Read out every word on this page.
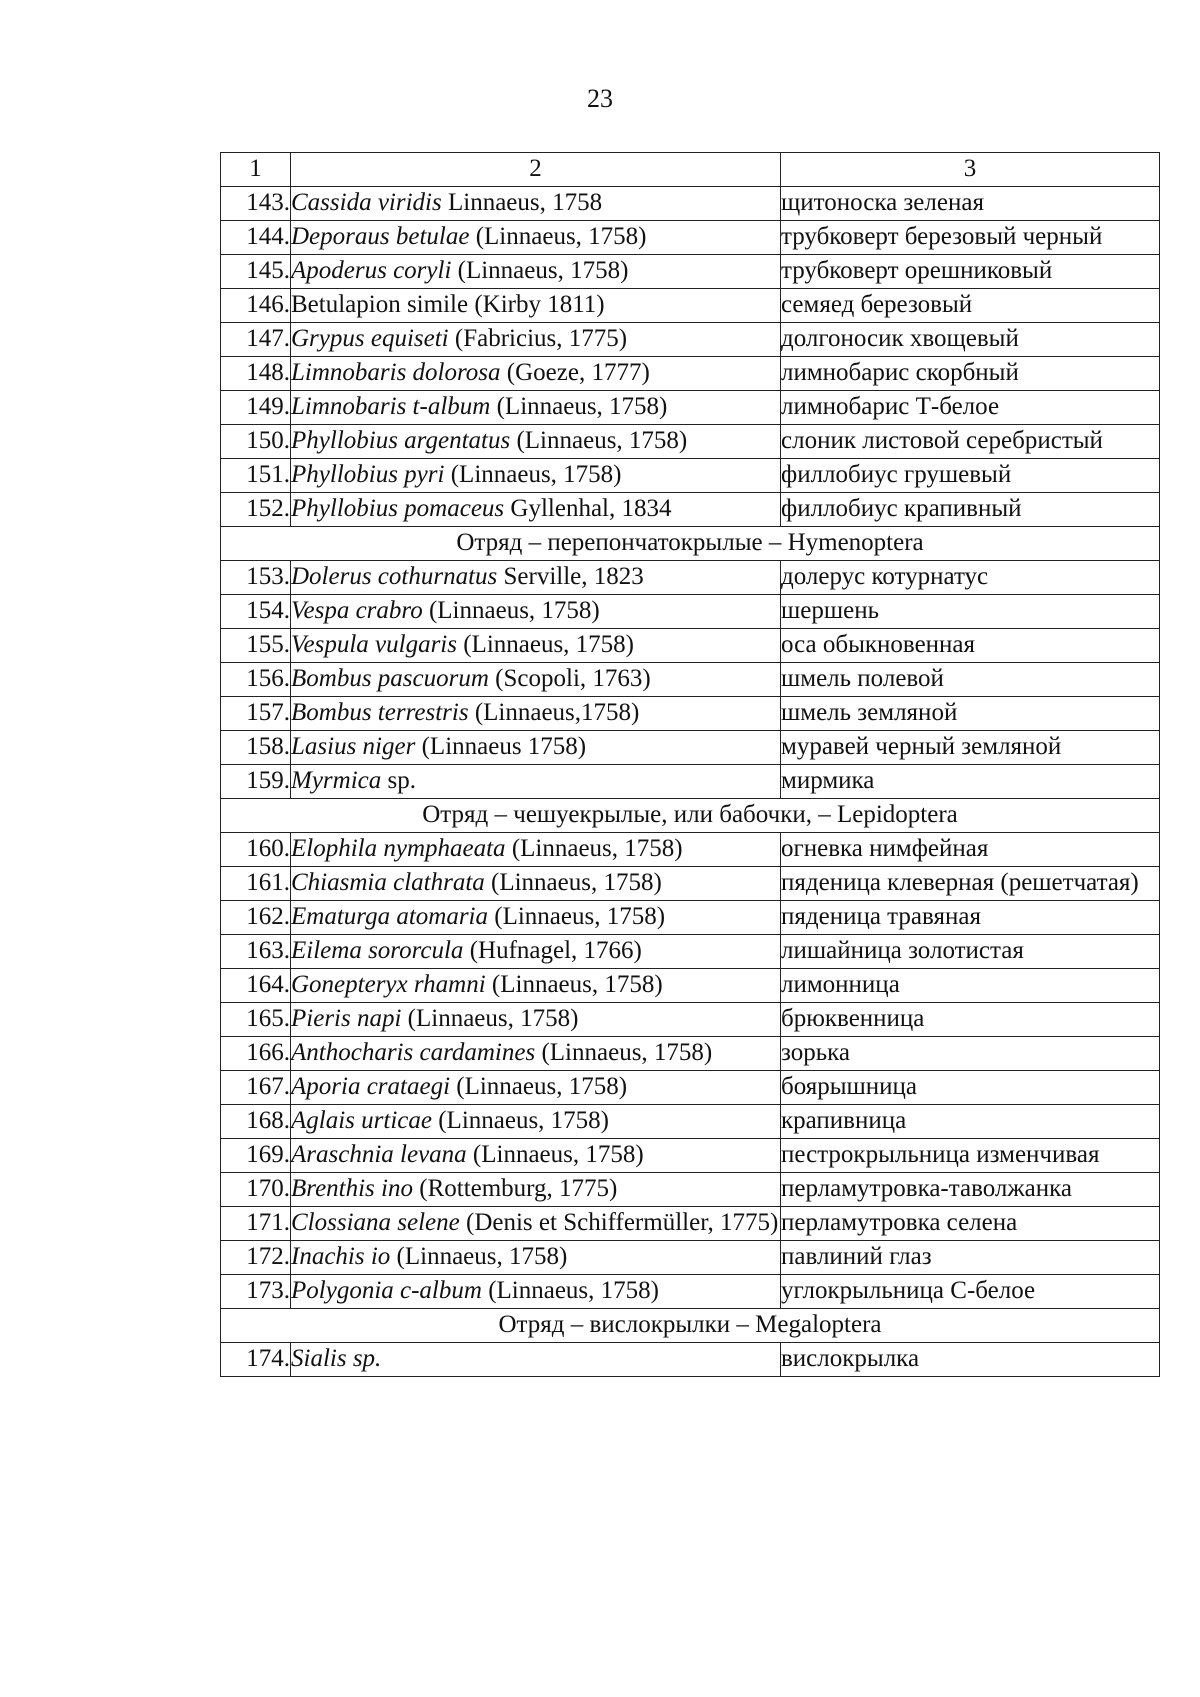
23
1	2	3
143.	Cassida viridis Linnaeus, 1758	щитоноска зеленая
144.	Deporaus betulae (Linnaeus, 1758)	трубковерт березовый черный
145.	Apoderus coryli (Linnaeus, 1758)	трубковерт орешниковый
146.	Betulapion simile (Kirby 1811)	семяед березовый
147.	Grypus equiseti (Fabricius, 1775)	долгоносик хвощевый
148.	Limnobaris dolorosa (Goeze, 1777)	лимнобарис скорбный
149.	Limnobaris t-album (Linnaeus, 1758)	лимнобарис Т-белое
150.	Phyllobius argentatus (Linnaeus, 1758)	слоник листовой серебристый
151.	Phyllobius pyri (Linnaeus, 1758)	филлобиус грушевый
152.	Phyllobius pomaceus Gyllenhal, 1834	филлобиус крапивный
Отряд – перепончатокрылые – Hymenoptera		
153.	Dolerus cothurnatus Serville, 1823	долерус котурнатус
154.	Vespa crabro (Linnaeus, 1758)	шершень
155.	Vespula vulgaris (Linnaeus, 1758)	оса обыкновенная
156.	Bombus pascuorum (Scopoli, 1763)	шмель полевой
157.	Bombus terrestris (Linnaeus,1758)	шмель земляной
158.	Lasius niger (Linnaeus 1758)	муравей черный земляной
159.	Myrmica sp.	мирмика
Отряд – чешуекрылые, или бабочки, – Lepidoptera		
160.	Elophila nymphaeata (Linnaeus, 1758)	огневка нимфейная
161.	Chiasmia clathrata (Linnaeus, 1758)	пяденица клеверная (решетчатая)
162.	Ematurga atomaria (Linnaeus, 1758)	пяденица травяная
163.	Eilema sororcula (Hufnagel, 1766)	лишайница золотистая
164.	Gonepteryx rhamni (Linnaeus, 1758)	лимонница
165.	Pieris napi (Linnaeus, 1758)	брюквенница
166.	Anthocharis cardamines (Linnaeus, 1758)	зорька
167.	Aporia crataegi (Linnaeus, 1758)	боярышница
168.	Aglais urticae (Linnaeus, 1758)	крапивница
169.	Araschnia levana (Linnaeus, 1758)	пестрокрыльница изменчивая
170.	Brenthis ino (Rottemburg, 1775)	перламутровка-таволжанка
171.	Clossiana selene (Denis et Schiffermüller, 1775)	перламутровка селена
172.	Inachis io (Linnaeus, 1758)	павлиний глаз
173.	Polygonia c-album (Linnaeus, 1758)	углокрыльница С-белое
Отряд – вислокрылки – Megaloptera		
174.	Sialis sp.	вислокрылка
